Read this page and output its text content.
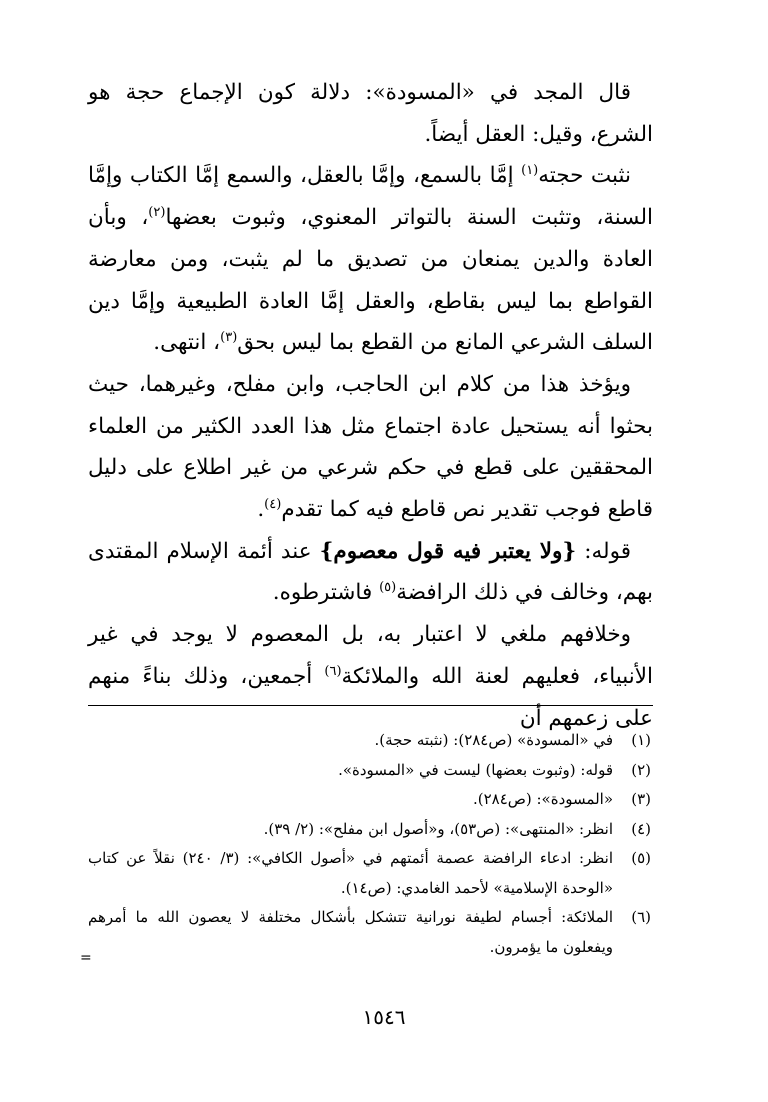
قال المجد في «المسودة»: دلالة كون الإجماع حجة هو الشرع، وقيل: العقل أيضاً.

نثبت حجته$^{(١)}$ إمَّا بالسمع، وإمَّا بالعقل، والسمع إمَّا الكتاب وإمَّا السنة، وتثبت السنة بالتواتر المعنوي، وثبوت بعضها$^{(٢)}$، وبأن العادة والدين يمنعان من تصديق ما لم يثبت، ومن معارضة القواطع بما ليس بقاطع، والعقل إمَّا العادة الطبيعية وإمَّا دين السلف الشرعي المانع من القطع بما ليس بحق$^{(٣)}$، انتهى.

ويؤخذ هذا من كلام ابن الحاجب، وابن مفلح، وغيرهما، حيث بحثوا أنه يستحيل عادة اجتماع مثل هذا العدد الكثير من العلماء المحققين على قطع في حكم شرعي من غير اطلاع على دليل قاطع فوجب تقدير نص قاطع فيه كما تقدم$^{(٤)}$.

قوله: {ولا يعتبر فيه قول معصوم} عند أئمة الإسلام المقتدى بهم، وخالف في ذلك الرافضة$^{(٥)}$ فاشترطوه.

وخلافهم ملغي لا اعتبار به، بل المعصوم لا يوجد في غير الأنبياء، فعليهم لعنة الله والملائكة$^{(٦)}$ أجمعين، وذلك بناءً منهم على زعمهم أن

(١)
في «المسودة» (ص٢٨٤): (نثبته حجة).
(٢)
قوله: (وثبوت بعضها) ليست في «المسودة».
(٣)
«المسودة»: (ص٢٨٤).
(٤)
انظر: «المنتهى»: (ص٥٣)، و«أصول ابن مفلح»: (٢/ ٣٩).
(٥)
انظر: ادعاء الرافضة عصمة أئمتهم في «أصول الكافي»: (٣/ ٢٤٠) نقلاً عن كتاب «الوحدة الإسلامية» لأحمد الغامدي: (ص١٤).
(٦)
الملائكة: أجسام لطيفة نورانية تتشكل بأشكال مختلفة لا يعصون الله ما أمرهم ويفعلون ما يؤمرون.
=
١٥٤٦
